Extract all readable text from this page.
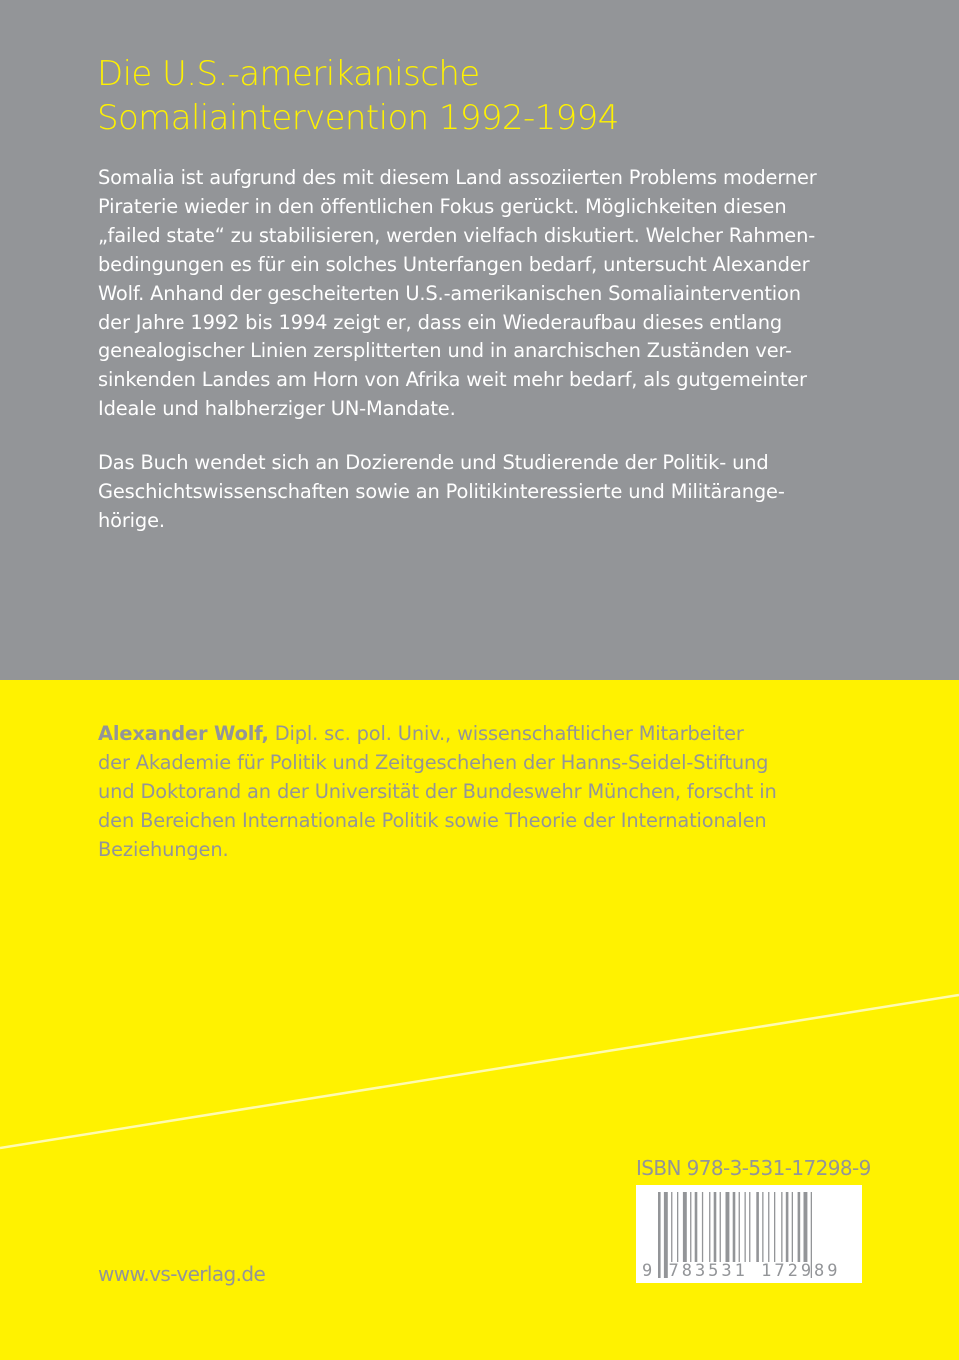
Die U.S.-amerikanische
Somaliaintervention 1992-1994
Somalia ist aufgrund des mit diesem Land assoziierten Problems moderner
Piraterie wieder in den öffentlichen Fokus gerückt. Möglichkeiten diesen
„failed state“ zu stabilisieren, werden vielfach diskutiert. Welcher Rahmen-
bedingungen es für ein solches Unterfangen bedarf, untersucht Alexander
Wolf. Anhand der gescheiterten U.S.-amerikanischen Somaliaintervention
der Jahre 1992 bis 1994 zeigt er, dass ein Wiederaufbau dieses entlang
genealogischer Linien zersplitterten und in anarchischen Zuständen ver-
sinkenden Landes am Horn von Afrika weit mehr bedarf, als gutgemeinter
Ideale und halbherziger UN-Mandate.
Das Buch wendet sich an Dozierende und Studierende der Politik- und
Geschichtswissenschaften sowie an Politikinteressierte und Militärange-
hörige.
Alexander Wolf, Dipl. sc. pol. Univ., wissenschaftlicher Mitarbeiter
der Akademie für Politik und Zeitgeschehen der Hanns-Seidel-Stiftung
und Doktorand an der Universität der Bundeswehr München, forscht in
den Bereichen Internationale Politik sowie Theorie der Internationalen
Beziehungen.
ISBN 978-3-531-17298-9
9 783531 172989
www.vs-verlag.de
